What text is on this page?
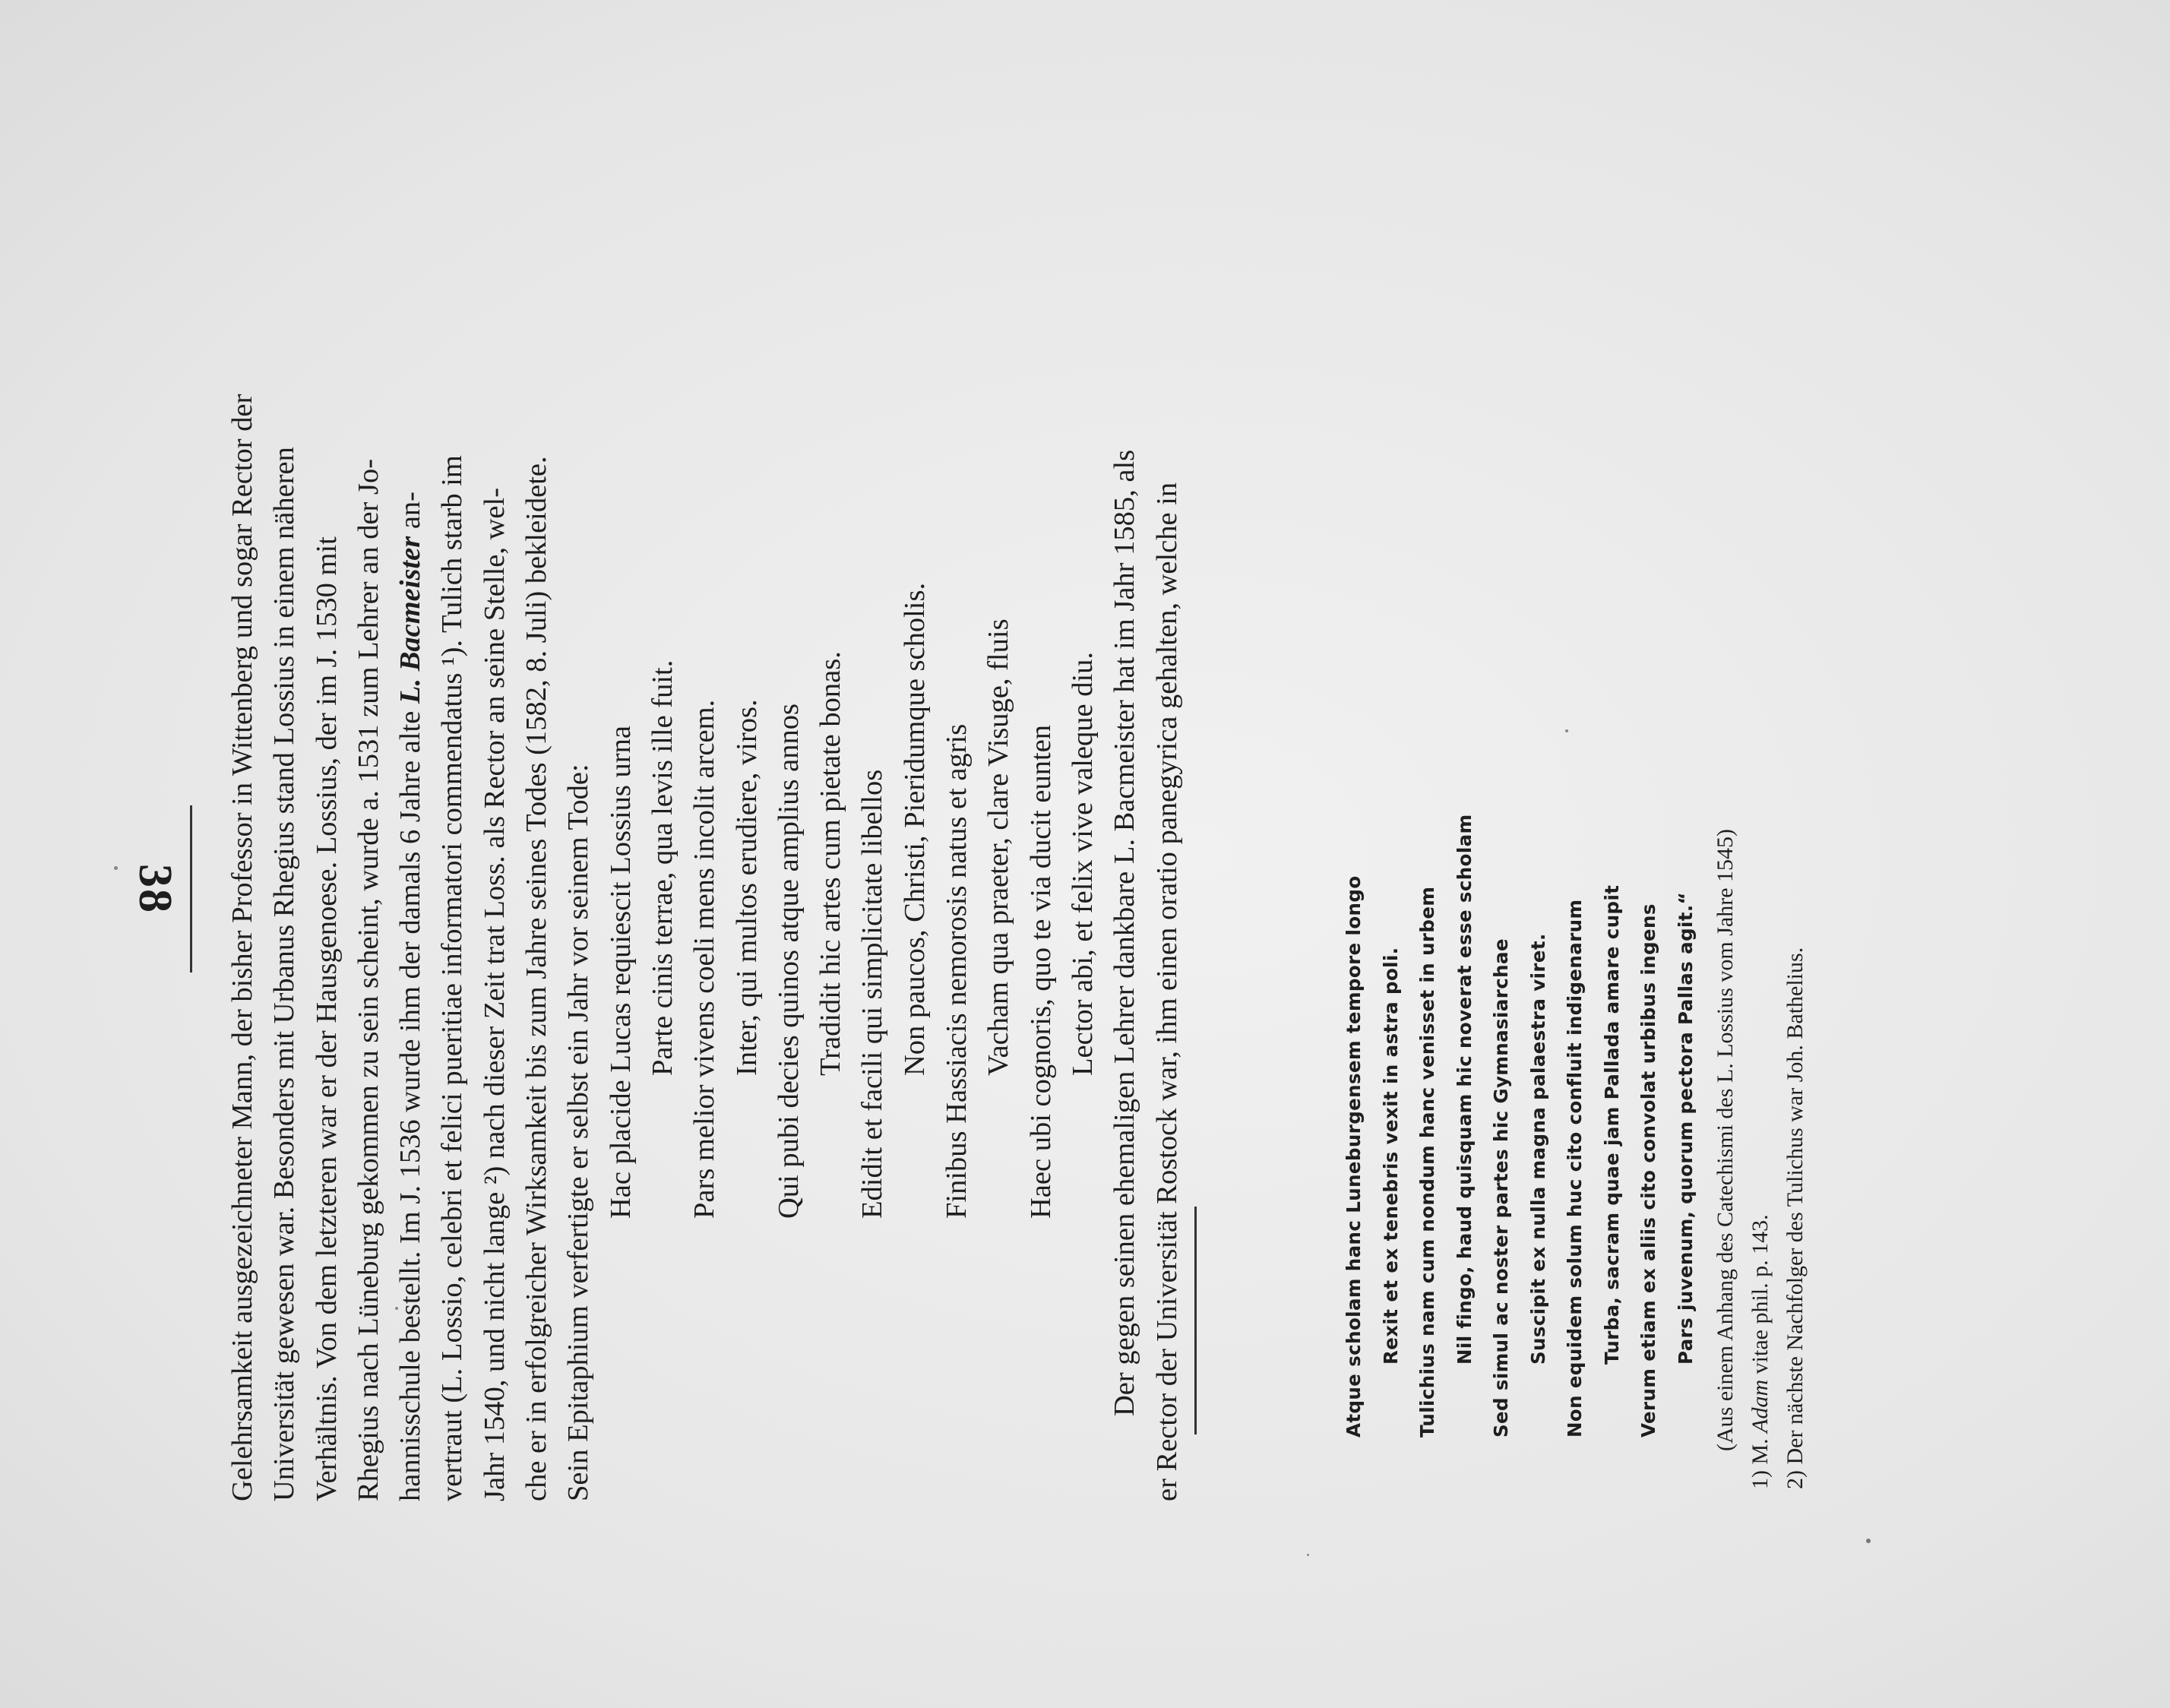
38 Gelehrsamkeit ausgezeichneter Mann, der bisher Professor in Wittenberg und sogar Rector der Universität gewesen war. Besonders mit Urbanus Rhegius stand Lossius in einem näheren Verhältnis. Von dem letzteren war er der Hausgenoese. Lossius, der im J. 1530 mit Rhegius nach Lüneburg gekommen zu sein scheint, wurde a. 1531 zum Lehrer an der Jo- hannisschule bestellt. Im J. 1536 wurde ihm der damals 6 Jahre alte L. Bacmeister an- vertraut (L. Lossio, celebri et felici pueritiae informatori commendatus ¹). Tulich starb im Jahr 1540, und nicht lange ²) nach dieser Zeit trat Loss. als Rector an seine Stelle, wel- che er in erfolgreicher Wirksamkeit bis zum Jahre seines Todes (1582, 8. Juli) bekleidete. Sein Epitaphium verfertigte er selbst ein Jahr vor seinem Tode: Hac placide Lucas requiescit Lossius urna Parte cinis terrae, qua levis ille fuit. Pars melior vivens coeli mens incolit arcem. Inter, qui multos erudiere, viros. Qui pubi decies quinos atque amplius annos Tradidit hic artes cum pietate bonas. Edidit et facili qui simplicitate libellos Non paucos, Christi, Pieridumque scholis. Finibus Hassiacis nemorosis natus et agris Vacham qua praeter, clare Visuge, fluis Haec ubi cognoris, quo te via ducit eunten Lector abi, et felix vive valeque diu. Der gegen seinen ehemaligen Lehrer dankbare L. Bacmeister hat im Jahr 1585, als er Rector der Universität Rostock war, ihm einen oratio panegyrica gehalten, welche in	Atque scholam hanc Luneburgensem tempore longo Rexit et ex tenebris vexit in astra poli. Tulichius nam cum nondum hanc venisset in urbem Nil fingo, haud quisquam hic noverat esse scholam Sed simul ac noster partes hic Gymnasiarchae Suscipit ex nulla magna palaestra viret. Non equidem solum huc cito confluit indigenarum Turba, sacram quae jam Pallada amare cupit Verum etiam ex aliis cito convolat urbibus ingens Pars juvenum, quorum pectora Pallas agit.“ (Aus einem Anhang des Catechismi des L. Lossius vom Jahre 1545)
1) M. Adam vitae phil. p. 143. 2) Der nächste Nachfolger des Tulichus war Joh. Bathelius.
